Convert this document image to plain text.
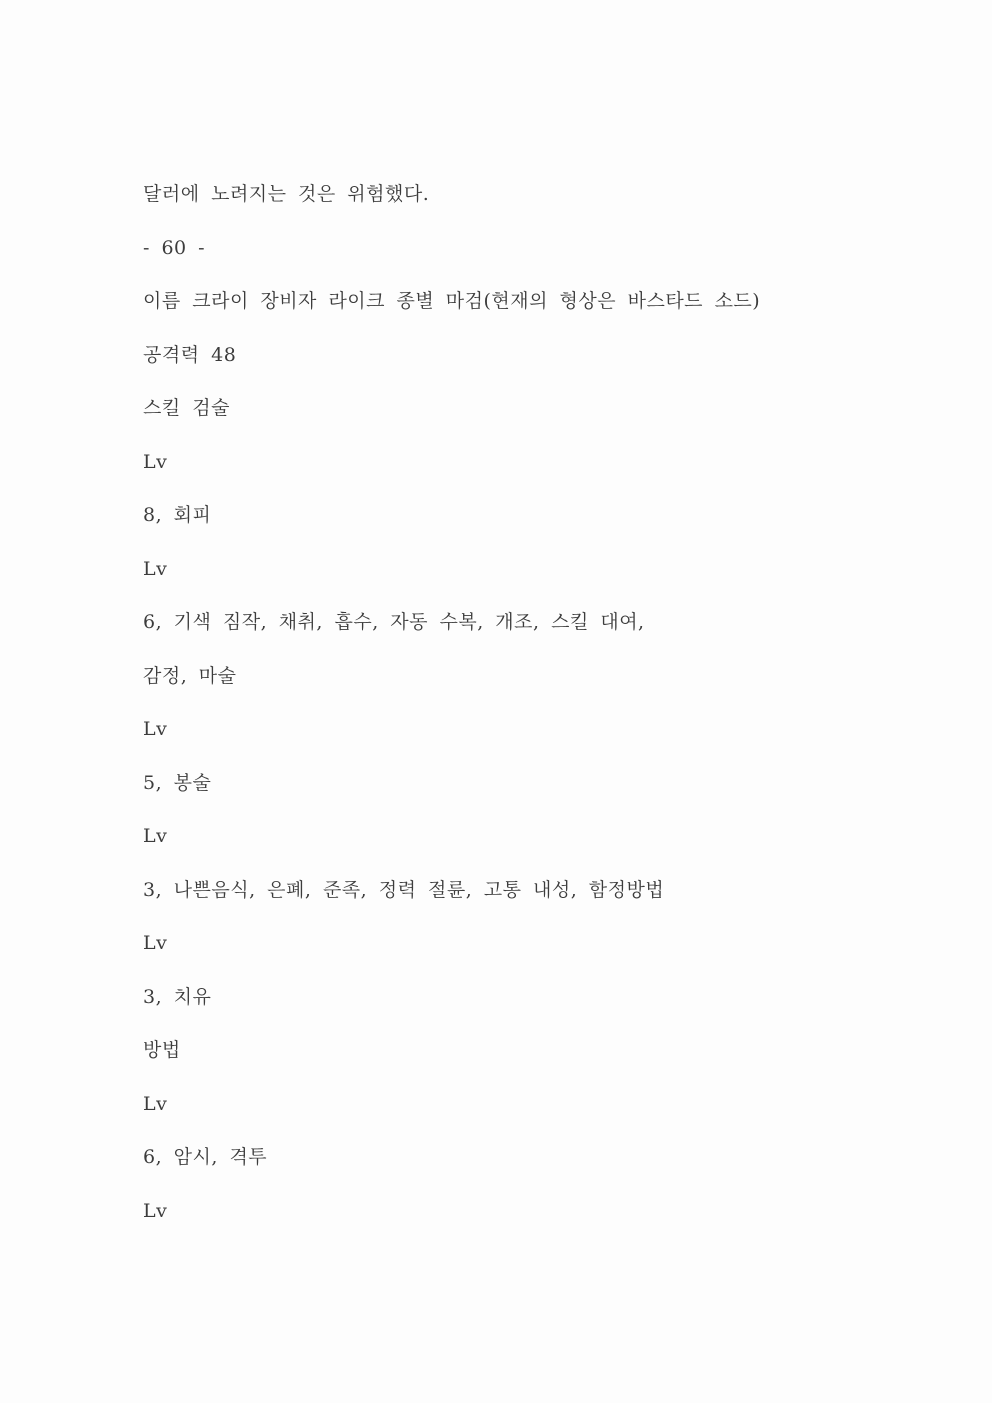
달러에 노려지는 것은 위험했다.

- 60 -

이름 크라이 장비자 라이크 종별 마검(현재의 형상은 바스타드 소드)

공격력 48

스킬 검술

Lv

8, 회피

Lv

6, 기색 짐작, 채취, 흡수, 자동 수복, 개조, 스킬 대여,

감정, 마술

Lv

5, 봉술

Lv

3, 나쁜음식, 은폐, 준족, 정력 절륜, 고통 내성, 함정방법

Lv

3, 치유

방법

Lv

6, 암시, 격투

Lv
